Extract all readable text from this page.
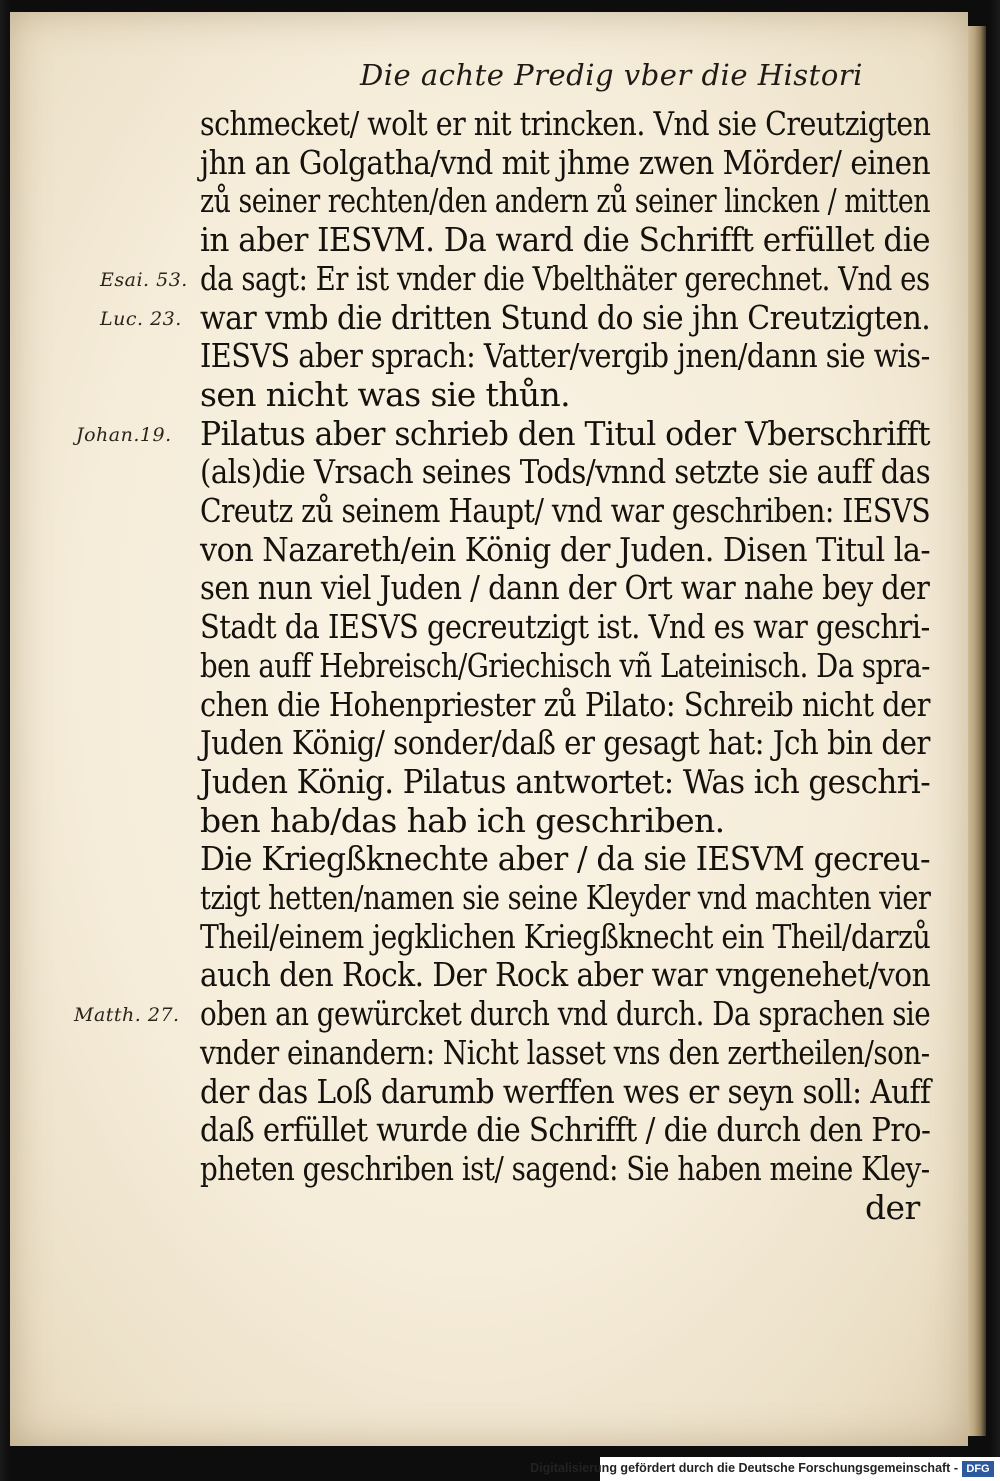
Die achte Predig vber die Histori
schmecket/ wolt er nit trincken. Vnd sie Creutzigten
jhn an Golgatha/vnd mit jhme zwen Mörder/ einen
zů seiner rechten/den andern zů seiner lincken / mitten
in aber IESVM. Da ward die Schrifft erfüllet die
da sagt: Er ist vnder die Vbelthäter gerechnet. Vnd es
war vmb die dritten Stund do sie jhn Creutzigten.
IESVS aber sprach: Vatter/vergib jnen/dann sie wis-
sen nicht was sie thůn.
Pilatus aber schrieb den Titul oder Vberschrifft
(als)die Vrsach seines Tods/vnnd setzte sie auff das
Creutz zů seinem Haupt/ vnd war geschriben: IESVS
von Nazareth/ein König der Juden. Disen Titul la-
sen nun viel Juden / dann der Ort war nahe bey der
Stadt da IESVS gecreutzigt ist. Vnd es war geschri-
ben auff Hebreisch/Griechisch vñ Lateinisch. Da spra-
chen die Hohenpriester zů Pilato: Schreib nicht der
Juden König/ sonder/daß er gesagt hat: Jch bin der
Juden König. Pilatus antwortet: Was ich geschri-
ben hab/das hab ich geschriben.
Die Kriegßknechte aber / da sie IESVM gecreu-
tzigt hetten/namen sie seine Kleyder vnd machten vier
Theil/einem jegklichen Kriegßknecht ein Theil/darzů
auch den Rock. Der Rock aber war vngenehet/von
oben an gewürcket durch vnd durch. Da sprachen sie
vnder einandern: Nicht lasset vns den zertheilen/son-
der das Loß darumb werffen wes er seyn soll: Auff
daß erfüllet wurde die Schrifft / die durch den Pro-
pheten geschriben ist/ sagend: Sie haben meine Kley-
der
Esai. 53.
Luc. 23.
Johan.19.
Matth. 27.
Digitalisierung gefördert durch die Deutsche Forschungsgemeinschaft - DFG
